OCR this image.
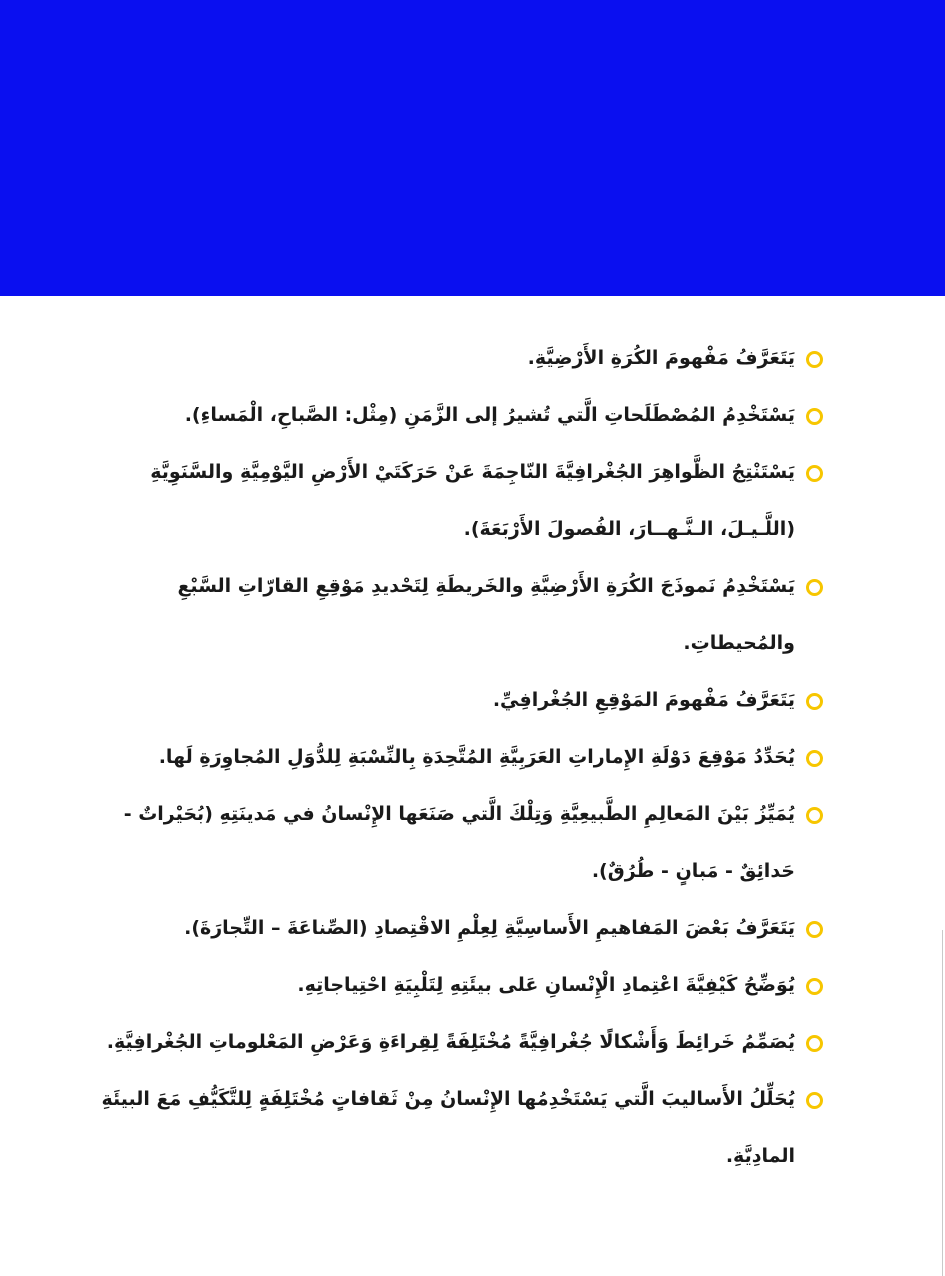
يَتَعَرَّفُ مَفْهومَ الكُرَةِ الأَرْضِيَّةِ.
يَسْتَخْدِمُ المُصْطَلَحاتِ الَّتي تُشيرُ إلى الزَّمَنِ (مِثْل: الصَّباحِ، الْمَساءِ).
يَسْتَنْتِجُ الظَّواهِرَ الجُغْرافِيَّةَ النّاجِمَةَ عَنْ حَرَكَتَيْ الأَرْضِ اليَّوْمِيَّةِ والسَّنَوِيَّةِ (اللَّـيـلَ، الـنَّـهــارَ، الفُصولَ الأَرْبَعَةَ).
يَسْتَخْدِمُ نَموذَجَ الكُرَةِ الأَرْضِيَّةِ والخَريطَةِ لِتَحْديدِ مَوْقِعِ القارّاتِ السَّبْعِ والمُحيطاتِ.
يَتَعَرَّفُ مَفْهومَ المَوْقِعِ الجُغْرافِيِّ.
يُحَدِّدُ مَوْقِعَ دَوْلَةِ الإِماراتِ العَرَبِيَّةِ المُتَّحِدَةِ بِالنِّسْبَةِ لِلدُّوَلِ المُجاوِرَةِ لَها.
يُمَيِّزُ بَيْنَ المَعالِمِ الطَّبيعِيَّةِ وَتِلْكَ الَّتي صَنَعَها الإِنْسانُ في مَدينَتِهِ (بُحَيْراتٌ - حَدائِقٌ - مَبانٍ - طُرُقٌ).
يَتَعَرَّفُ بَعْضَ المَفاهيمِ الأَساسِيَّةِ لِعِلْمِ الاقْتِصادِ (الصِّناعَةَ – التِّجارَةَ).
يُوَضِّحُ كَيْفِيَّةَ اعْتِمادِ الْإِنْسانِ عَلى بيئَتِهِ لِتَلْبِيَةِ احْتِياجاتِهِ.
يُصَمِّمُ خَرائِطَ وَأَشْكالًا جُغْرافِيَّةً مُخْتَلِفَةً لِقِراءَةِ وَعَرْضِ المَعْلوماتِ الجُغْرافِيَّةِ.
يُحَلِّلُ الأَساليبَ الَّتي يَسْتَخْدِمُها الإِنْسانُ مِنْ ثَقافاتٍ مُخْتَلِفَةٍ لِلتَّكَيُّفِ مَعَ البيئَةِ المادِيَّةِ.
